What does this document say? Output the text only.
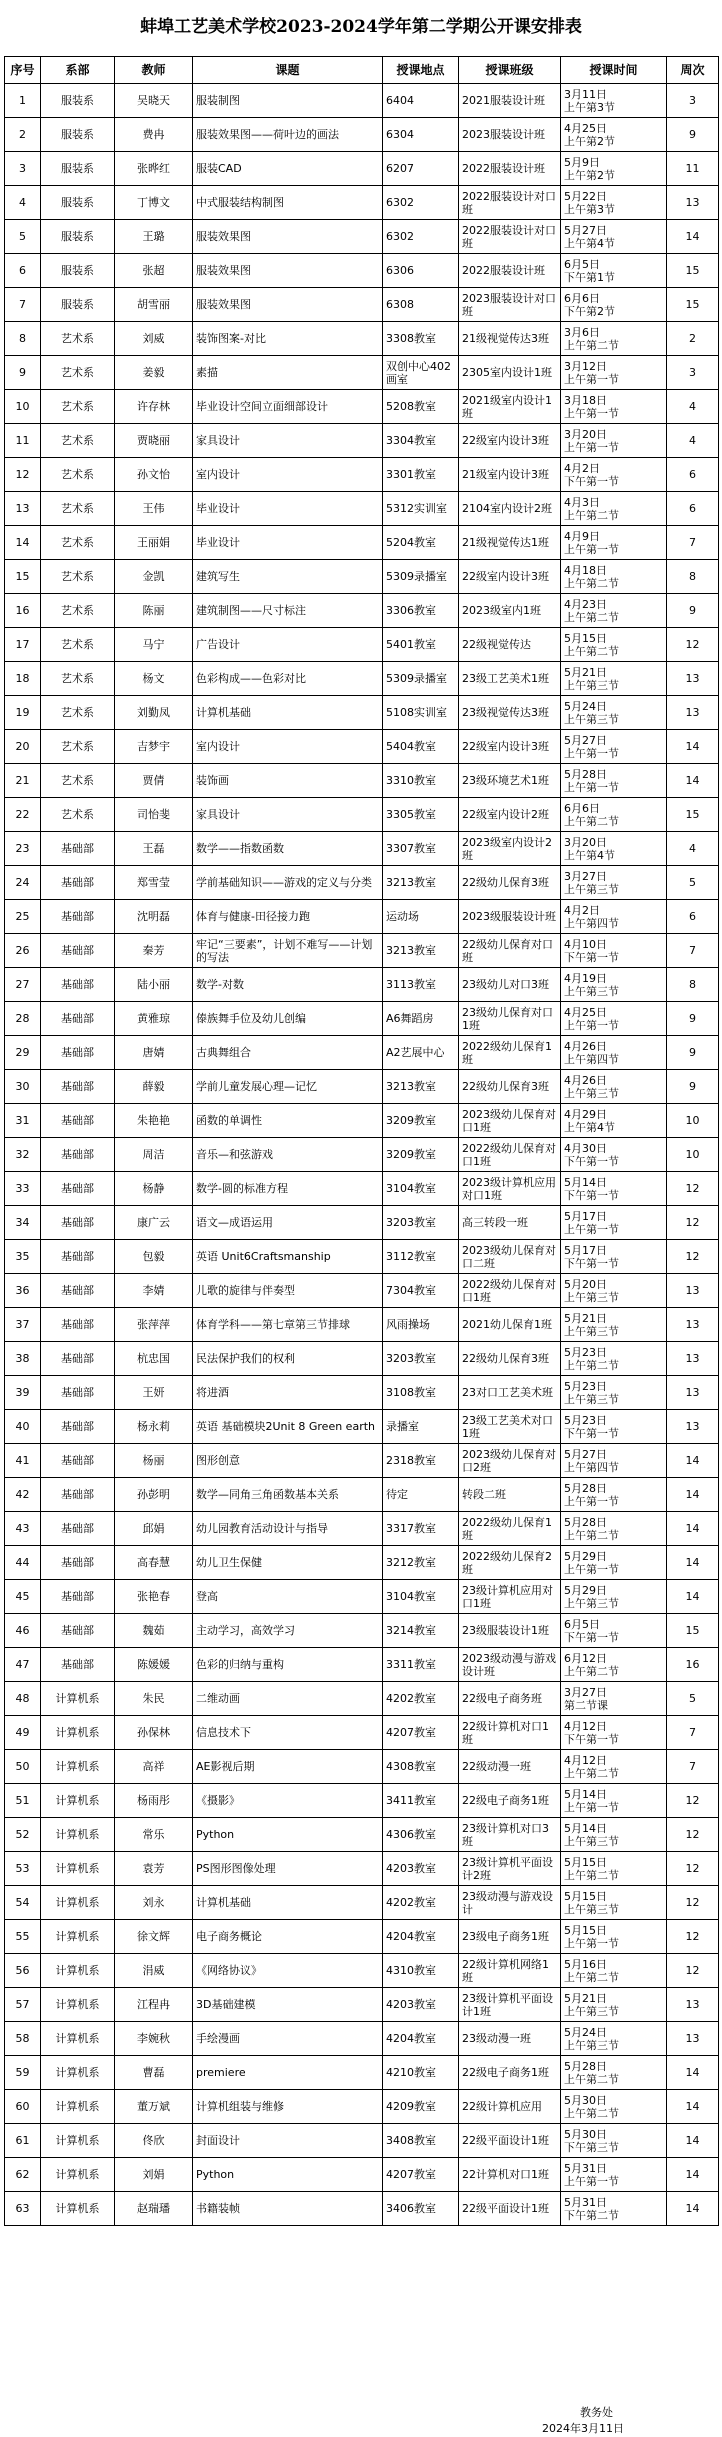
蚌埠工艺美术学校2023-2024学年第二学期公开课安排表
序号	系部	教师	课题	授课地点	授课班级	授课时间	周次
1	服装系	吴晓天	服装制图	6404	2021服装设计班	3月11日
上午第3节	3
2	服装系	费冉	服装效果图——荷叶边的画法	6304	2023服装设计班	4月25日
上午第2节	9
3	服装系	张晔红	服装CAD	6207	2022服装设计班	5月9日
上午第2节	11
4	服装系	丁博文	中式服装结构制图	6302	2022服装设计对口班	5月22日
上午第3节	13
5	服装系	王璐	服装效果图	6302	2022服装设计对口班	5月27日
上午第4节	14
6	服装系	张超	服装效果图	6306	2022服装设计班	6月5日
下午第1节	15
7	服装系	胡雪丽	服装效果图	6308	2023服装设计对口班	6月6日
下午第2节	15
8	艺术系	刘威	装饰图案-对比	3308教室	21级视觉传达3班	3月6日
上午第二节	2
9	艺术系	姜毅	素描	双创中心402画室	2305室内设计1班	3月12日
上午第一节	3
10	艺术系	许存林	毕业设计空间立面细部设计	5208教室	2021级室内设计1班	3月18日
上午第一节	4
11	艺术系	贾晓丽	家具设计	3304教室	22级室内设计3班	3月20日
上午第一节	4
12	艺术系	孙文怡	室内设计	3301教室	21级室内设计3班	4月2日
下午第一节	6
13	艺术系	王伟	毕业设计	5312实训室	2104室内设计2班	4月3日
上午第二节	6
14	艺术系	王丽娟	毕业设计	5204教室	21级视觉传达1班	4月9日
上午第一节	7
15	艺术系	金凯	建筑写生	5309录播室	22级室内设计3班	4月18日
上午第二节	8
16	艺术系	陈丽	建筑制图——尺寸标注	3306教室	2023级室内1班	4月23日
上午第二节	9
17	艺术系	马宁	广告设计	5401教室	22级视觉传达	5月15日
上午第二节	12
18	艺术系	杨文	色彩构成——色彩对比	5309录播室	23级工艺美术1班	5月21日
上午第三节	13
19	艺术系	刘勤凤	计算机基础	5108实训室	23级视觉传达3班	5月24日
上午第三节	13
20	艺术系	吉梦宇	室内设计	5404教室	22级室内设计3班	5月27日
上午第一节	14
21	艺术系	贾倩	装饰画	3310教室	23级环境艺术1班	5月28日
上午第一节	14
22	艺术系	司怡斐	家具设计	3305教室	22级室内设计2班	6月6日
上午第二节	15
23	基础部	王磊	数学——指数函数	3307教室	2023级室内设计2班	3月20日
上午第4节	4
24	基础部	郑雪莹	学前基础知识——游戏的定义与分类	3213教室	22级幼儿保育3班	3月27日
上午第三节	5
25	基础部	沈明磊	体育与健康-田径接力跑	运动场	2023级服装设计班	4月2日
上午第四节	6
26	基础部	秦芳	牢记“三要素”，计划不难写——计划的写法	3213教室	22级幼儿保育对口班	4月10日
下午第一节	7
27	基础部	陆小丽	数学-对数	3113教室	23级幼儿对口3班	4月19日
上午第三节	8
28	基础部	黄雅琼	傣族舞手位及幼儿创编	A6舞蹈房	23级幼儿保育对口1班	4月25日
上午第一节	9
29	基础部	唐婧	古典舞组合	A2艺展中心	2022级幼儿保育1班	4月26日
上午第四节	9
30	基础部	薛毅	学前儿童发展心理—记忆	3213教室	22级幼儿保育3班	4月26日
上午第三节	9
31	基础部	朱艳艳	函数的单调性	3209教室	2023级幼儿保育对口1班	4月29日
上午第4节	10
32	基础部	周洁	音乐—和弦游戏	3209教室	2022级幼儿保育对口1班	4月30日
下午第一节	10
33	基础部	杨静	数学-圆的标准方程	3104教室	2023级计算机应用对口1班	5月14日
下午第一节	12
34	基础部	康广云	语文—成语运用	3203教室	高三转段一班	5月17日
上午第一节	12
35	基础部	包毅	英语 Unit6Craftsmanship	3112教室	2023级幼儿保育对口二班	5月17日
下午第一节	12
36	基础部	李婧	儿歌的旋律与伴奏型	7304教室	2022级幼儿保育对口1班	5月20日
上午第三节	13
37	基础部	张萍萍	体育学科——第七章第三节排球	风雨操场	2021幼儿保育1班	5月21日
上午第三节	13
38	基础部	杭忠国	民法保护我们的权利	3203教室	22级幼儿保育3班	5月23日
上午第二节	13
39	基础部	王妍	将进酒	3108教室	23对口工艺美术班	5月23日
上午第三节	13
40	基础部	杨永莉	英语 基础模块2Unit 8 Green earth	录播室	23级工艺美术对口1班	5月23日
下午第一节	13
41	基础部	杨丽	图形创意	2318教室	2023级幼儿保育对口2班	5月27日
上午第四节	14
42	基础部	孙彭明	数学—同角三角函数基本关系	待定	转段二班	5月28日
上午第一节	14
43	基础部	邱娟	幼儿园教育活动设计与指导	3317教室	2022级幼儿保育1班	5月28日
上午第二节	14
44	基础部	高春慧	幼儿卫生保健	3212教室	2022级幼儿保育2班	5月29日
上午第一节	14
45	基础部	张艳春	登高	3104教室	23级计算机应用对口1班	5月29日
上午第三节	14
46	基础部	魏茹	主动学习，高效学习	3214教室	23级服装设计1班	6月5日
下午第一节	15
47	基础部	陈媛媛	色彩的归纳与重构	3311教室	2023级动漫与游戏设计班	6月12日
上午第二节	16
48	计算机系	朱民	二维动画	4202教室	22级电子商务班	3月27日
第二节课	5
49	计算机系	孙保林	信息技术下	4207教室	22级计算机对口1班	4月12日
下午第一节	7
50	计算机系	高祥	AE影视后期	4308教室	22级动漫一班	4月12日
上午第二节	7
51	计算机系	杨雨彤	《摄影》	3411教室	22级电子商务1班	5月14日
上午第一节	12
52	计算机系	常乐	Python	4306教室	23级计算机对口3班	5月14日
上午第三节	12
53	计算机系	袁芳	PS图形图像处理	4203教室	23级计算机平面设计2班	5月15日
上午第二节	12
54	计算机系	刘永	计算机基础	4202教室	23级动漫与游戏设计	5月15日
上午第三节	12
55	计算机系	徐文辉	电子商务概论	4204教室	23级电子商务1班	5月15日
上午第一节	12
56	计算机系	涓威	《网络协议》	4310教室	22级计算机网络1班	5月16日
上午第二节	12
57	计算机系	江程冉	3D基础建模	4203教室	23级计算机平面设计1班	5月21日
上午第三节	13
58	计算机系	李婉秋	手绘漫画	4204教室	23级动漫一班	5月24日
上午第三节	13
59	计算机系	曹磊	premiere	4210教室	22级电子商务1班	5月28日
上午第二节	14
60	计算机系	董万斌	计算机组装与维修	4209教室	22级计算机应用	5月30日
上午第二节	14
61	计算机系	佟欣	封面设计	3408教室	22级平面设计1班	5月30日
下午第三节	14
62	计算机系	刘娟	Python	4207教室	22计算机对口1班	5月31日
上午第一节	14
63	计算机系	赵瑞璠	书籍装帧	3406教室	22级平面设计1班	5月31日
下午第二节	14
教务处
2024年3月11日
